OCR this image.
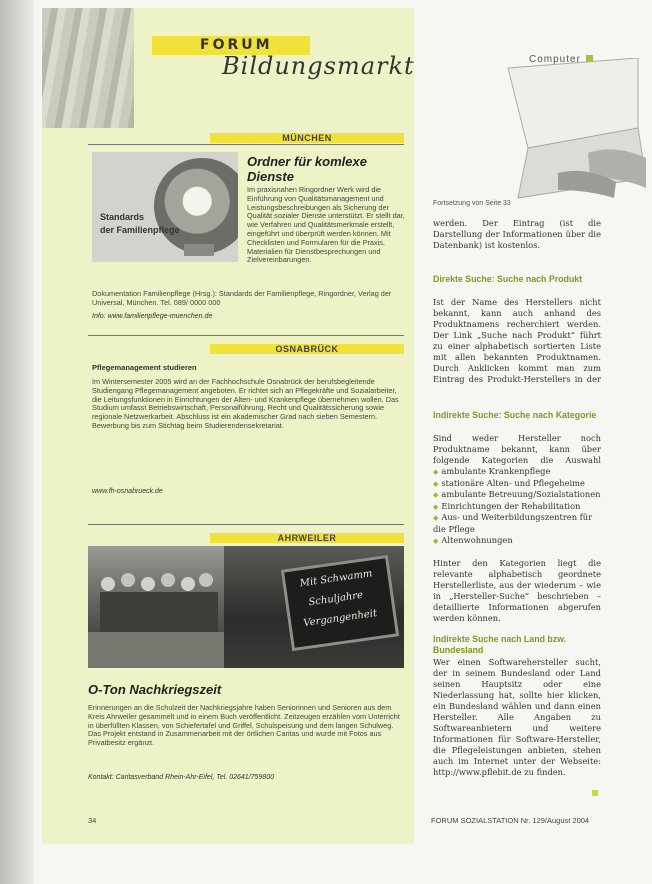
FORUM
Bildungsmarkt	Computer
MÜNCHEN
Standards
der Familienpflege
Ordner für komlexe Dienste
Im praxisnahen Ringordner Werk wird die Einführung von Qualitätsmanagement und Leistungsbeschreibungen als Sicherung der Qualität sozialer Dienste unterstützt. Er stellt dar, wie Verfahren und Qualitätsmerkmale erstellt, eingeführt und überprüft werden können. Mit Checklisten und Formularen für die Praxis, Materialien für Dienstbesprechungen und Zielvereinbarungen.
Dokumentation Familienpflege (Hrsg.): Standards der Familienpflege, Ringordner, Verlag der Universal, München. Tel. 089/ 0000 000
Info: www.familienpflege-muenchen.de
OSNABRÜCK
Pflegemanagement studieren
Im Wintersemester 2005 wird an der Fachhochschule Osnabrück der berufsbegleitende Studiengang Pflegemanagement angeboten. Er richtet sich an Pflegekräfte und Sozialarbeiter, die Leitungsfunktionen in Einrichtungen der Alten- und Krankenpflege übernehmen wollen. Das Studium umfasst Betriebswirtschaft, Personalführung, Recht und Qualitätssicherung sowie regionale Netzwerkarbeit. Abschluss ist ein akademischer Grad nach sieben Semestern. Bewerbung bis zum Stichtag beim Studierendensekretariat.
www.fh-osnabrueck.de
AHRWEILER
Mit Schwamm
Schuljahre
Vergangenheit
O-Ton Nachkriegszeit
Erinnerungen an die Schulzeit der Nachkriegsjahre haben Seniorinnen und Senioren aus dem Kreis Ahrweiler gesammelt und in einem Buch veröffentlicht. Zeitzeugen erzählen vom Unterricht in überfüllten Klassen, von Schiefertafel und Griffel, Schulspeisung und dem langen Schulweg. Das Projekt entstand in Zusammenarbeit mit der örtlichen Caritas und wurde mit Fotos aus Privatbesitz ergänzt.
Kontakt: Caritasverband Rhein-Ahr-Eifel, Tel. 02641/759800
Fortsetzung von Seite 33
werden. Der Eintrag (ist die Darstellung der Informationen über die Datenbank) ist kostenlos.
Direkte Suche: Suche nach Produkt
Ist der Name des Herstellers nicht bekannt, kann auch anhand des Produktnamens recherchiert werden. Der Link „Suche nach Produkt“ führt zu einer alphabetisch sortierten Liste mit allen bekannten Produktnamen. Durch Anklicken kommt man zum Eintrag des Produkt-Herstellers in der
Indirekte Suche: Suche nach Kategorie
Sind weder Hersteller noch Produktname bekannt, kann über folgende Kategorien die Auswahl
◆ ambulante Krankenpflege
◆ stationäre Alten- und Pflegeheime
◆ ambulante Betreuung/Sozialstationen
◆ Einrichtungen der Rehabilitation
◆ Aus- und Weiterbildungszentren für die Pflege
◆ Altenwohnungen
Hinter den Kategorien liegt die relevante alphabetisch geordnete Herstellerliste, aus der wiederum – wie in „Hersteller-Suche“ beschrieben – detaillierte Informationen abgerufen werden können.
Indirekte Suche nach Land bzw. Bundesland
Wer einen Softwarehersteller sucht, der in seinem Bundesland oder Land seinen Hauptsitz oder eine Niederlassung hat, sollte hier klicken, ein Bundesland wählen und dann einen Hersteller. Alle Angaben zu Softwareanbietern und weitere Informationen für Software-Hersteller, die Pflegeleistungen anbieten, stehen auch im Internet unter der Webseite: http://www.pflebit.de zu finden.
34	FORUM SOZIALSTATION Nr. 129/August 2004
